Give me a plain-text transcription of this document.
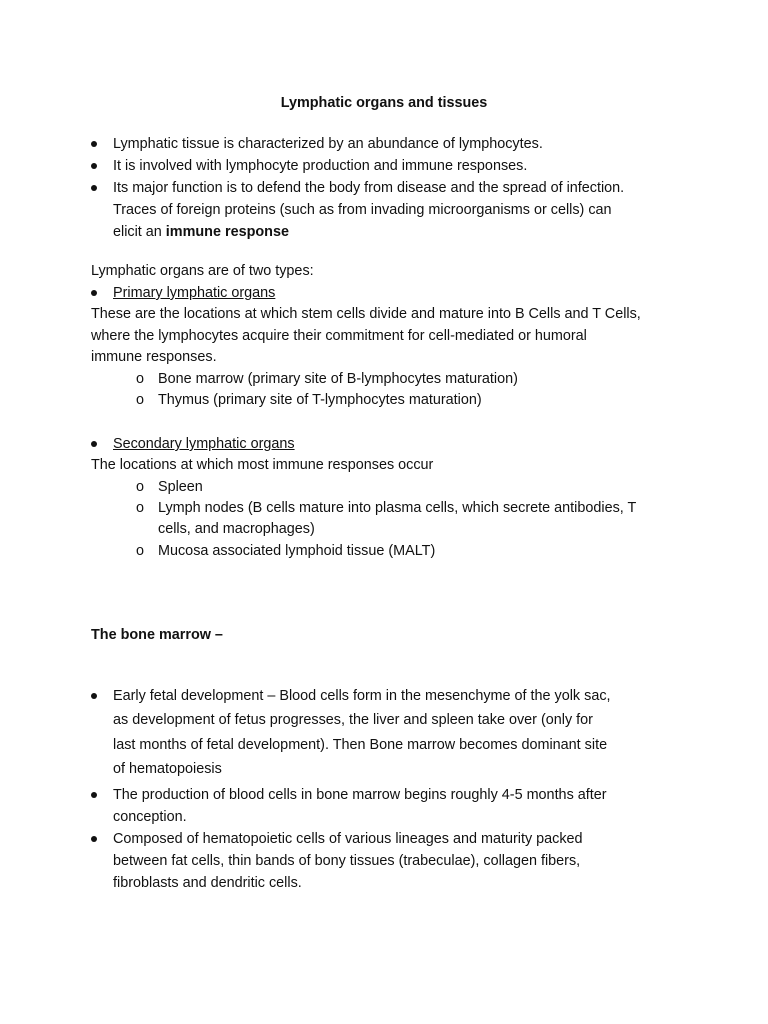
Lymphatic organs and tissues
Lymphatic tissue is characterized by an abundance of lymphocytes.
It is involved with lymphocyte production and immune responses.
Its major function is to defend the body from disease and the spread of infection.
Traces of foreign proteins (such as from invading microorganisms or cells) can
elicit an immune response
Lymphatic organs are of two types:
Primary lymphatic organs
These are the locations at which stem cells divide and mature into B Cells and T Cells,
where the lymphocytes acquire their commitment for cell-mediated or humoral
immune responses.
o Bone marrow (primary site of B-lymphocytes maturation)
o Thymus (primary site of T-lymphocytes maturation)
Secondary lymphatic organs
The locations at which most immune responses occur
o Spleen
o Lymph nodes (B cells mature into plasma cells, which secrete antibodies, T
cells, and macrophages)
o Mucosa associated lymphoid tissue (MALT)
The bone marrow –
Early fetal development – Blood cells form in the mesenchyme of the yolk sac,
as development of fetus progresses, the liver and spleen take over (only for
last months of fetal development). Then Bone marrow becomes dominant site
of hematopoiesis
The production of blood cells in bone marrow begins roughly 4-5 months after
conception.
Composed of hematopoietic cells of various lineages and maturity packed
between fat cells, thin bands of bony tissues (trabeculae), collagen fibers,
fibroblasts and dendritic cells.
